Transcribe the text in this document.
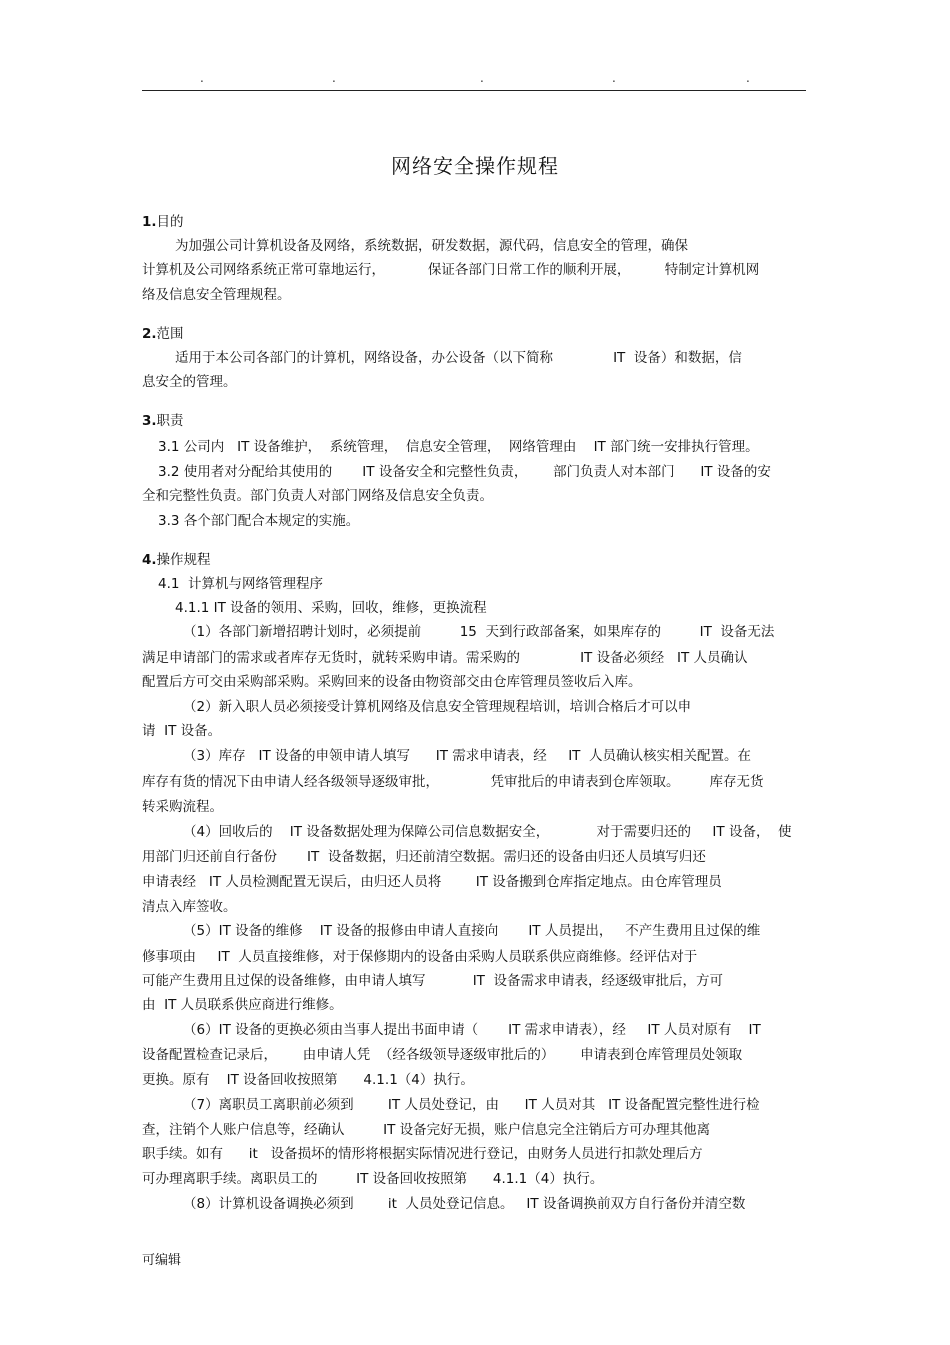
.	.	.	.	.
网络安全操作规程
1.目的
为加强公司计算机设备及网络，系统数据，研发数据，源代码，信息安全的管理，确保
计算机及公司网络系统正常可靠地运行，          保证各部门日常工作的顺利开展，        特制定计算机网
络及信息安全管理规程。
2.范围
适用于本公司各部门的计算机，网络设备，办公设备（以下简称              IT  设备）和数据，信
息安全的管理。
3.职责
3.1 公司内   IT 设备维护，  系统管理，  信息安全管理，  网络管理由    IT 部门统一安排执行管理。
3.2 使用者对分配给其使用的       IT 设备安全和完整性负责，      部门负责人对本部门      IT 设备的安
全和完整性负责。部门负责人对部门网络及信息安全负责。
3.3 各个部门配合本规定的实施。
4.操作规程
4.1  计算机与网络管理程序
4.1.1 IT 设备的领用、采购，回收，维修，更换流程
（1）各部门新增招聘计划时，必须提前         15  天到行政部备案，如果库存的         IT  设备无法
满足申请部门的需求或者库存无货时，就转采购申请。需采购的              IT 设备必须经   IT 人员确认
配置后方可交由采购部采购。采购回来的设备由物资部交由仓库管理员签收后入库。
（2）新入职人员必须接受计算机网络及信息安全管理规程培训，培训合格后才可以申
请  IT 设备。
（3）库存   IT 设备的申领申请人填写      IT 需求申请表，经     IT  人员确认核实相关配置。在
库存有货的情况下由申请人经各级领导逐级审批，            凭审批后的申请表到仓库领取。       库存无货
转采购流程。
（4）回收后的    IT 设备数据处理为保障公司信息数据安全，           对于需要归还的     IT 设备，  使
用部门归还前自行备份       IT  设备数据，归还前清空数据。需归还的设备由归还人员填写归还
申请表经   IT 人员检测配置无误后，由归还人员将        IT 设备搬到仓库指定地点。由仓库管理员
清点入库签收。
（5）IT 设备的维修    IT 设备的报修由申请人直接向       IT 人员提出，   不产生费用且过保的维
修事项由     IT  人员直接维修，对于保修期内的设备由采购人员联系供应商维修。经评估对于
可能产生费用且过保的设备维修，由申请人填写           IT  设备需求申请表，经逐级审批后，方可
由  IT 人员联系供应商进行维修。
（6）IT 设备的更换必须由当事人提出书面申请（       IT 需求申请表），经     IT 人员对原有    IT
设备配置检查记录后，      由申请人凭  （经各级领导逐级审批后的）      申请表到仓库管理员处领取
更换。原有    IT 设备回收按照第      4.1.1（4）执行。
（7）离职员工离职前必须到        IT 人员处登记，由      IT 人员对其   IT 设备配置完整性进行检
查，注销个人账户信息等，经确认         IT 设备完好无损，账户信息完全注销后方可办理其他离
职手续。如有      it   设备损坏的情形将根据实际情况进行登记，由财务人员进行扣款处理后方
可办理离职手续。离职员工的         IT 设备回收按照第      4.1.1（4）执行。
（8）计算机设备调换必须到        it  人员处登记信息。   IT 设备调换前双方自行备份并清空数
可编辑
